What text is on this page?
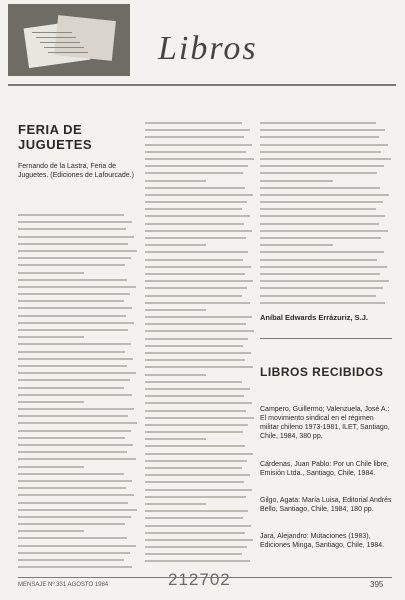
Libros
FERIA DE JUGUETES
Fernando de la Lastra, Feria de Juguetes. (Ediciones de Lafourcade.)
Aníbal Edwards Errázuriz, S.J.
LIBROS RECIBIDOS
Campero, Guillermo; Valenzuela, José A.: El movimiento sindical en el régimen militar chileno 1973-1981, ILET, Santiago, Chile, 1984, 380 pp.
Cárdenas, Juan Pablo: Por un Chile libre, Emisión Ltda., Santiago, Chile, 1984.
Gilgo, Agata: María Luisa, Editorial Andrés Bello, Santiago, Chile, 1984, 180 pp.
Jara, Alejandro: Mutaciones (1983), Ediciones Minga, Santiago, Chile, 1984.
MENSAJE Nº 331 AGOSTO 1984	212702	395
